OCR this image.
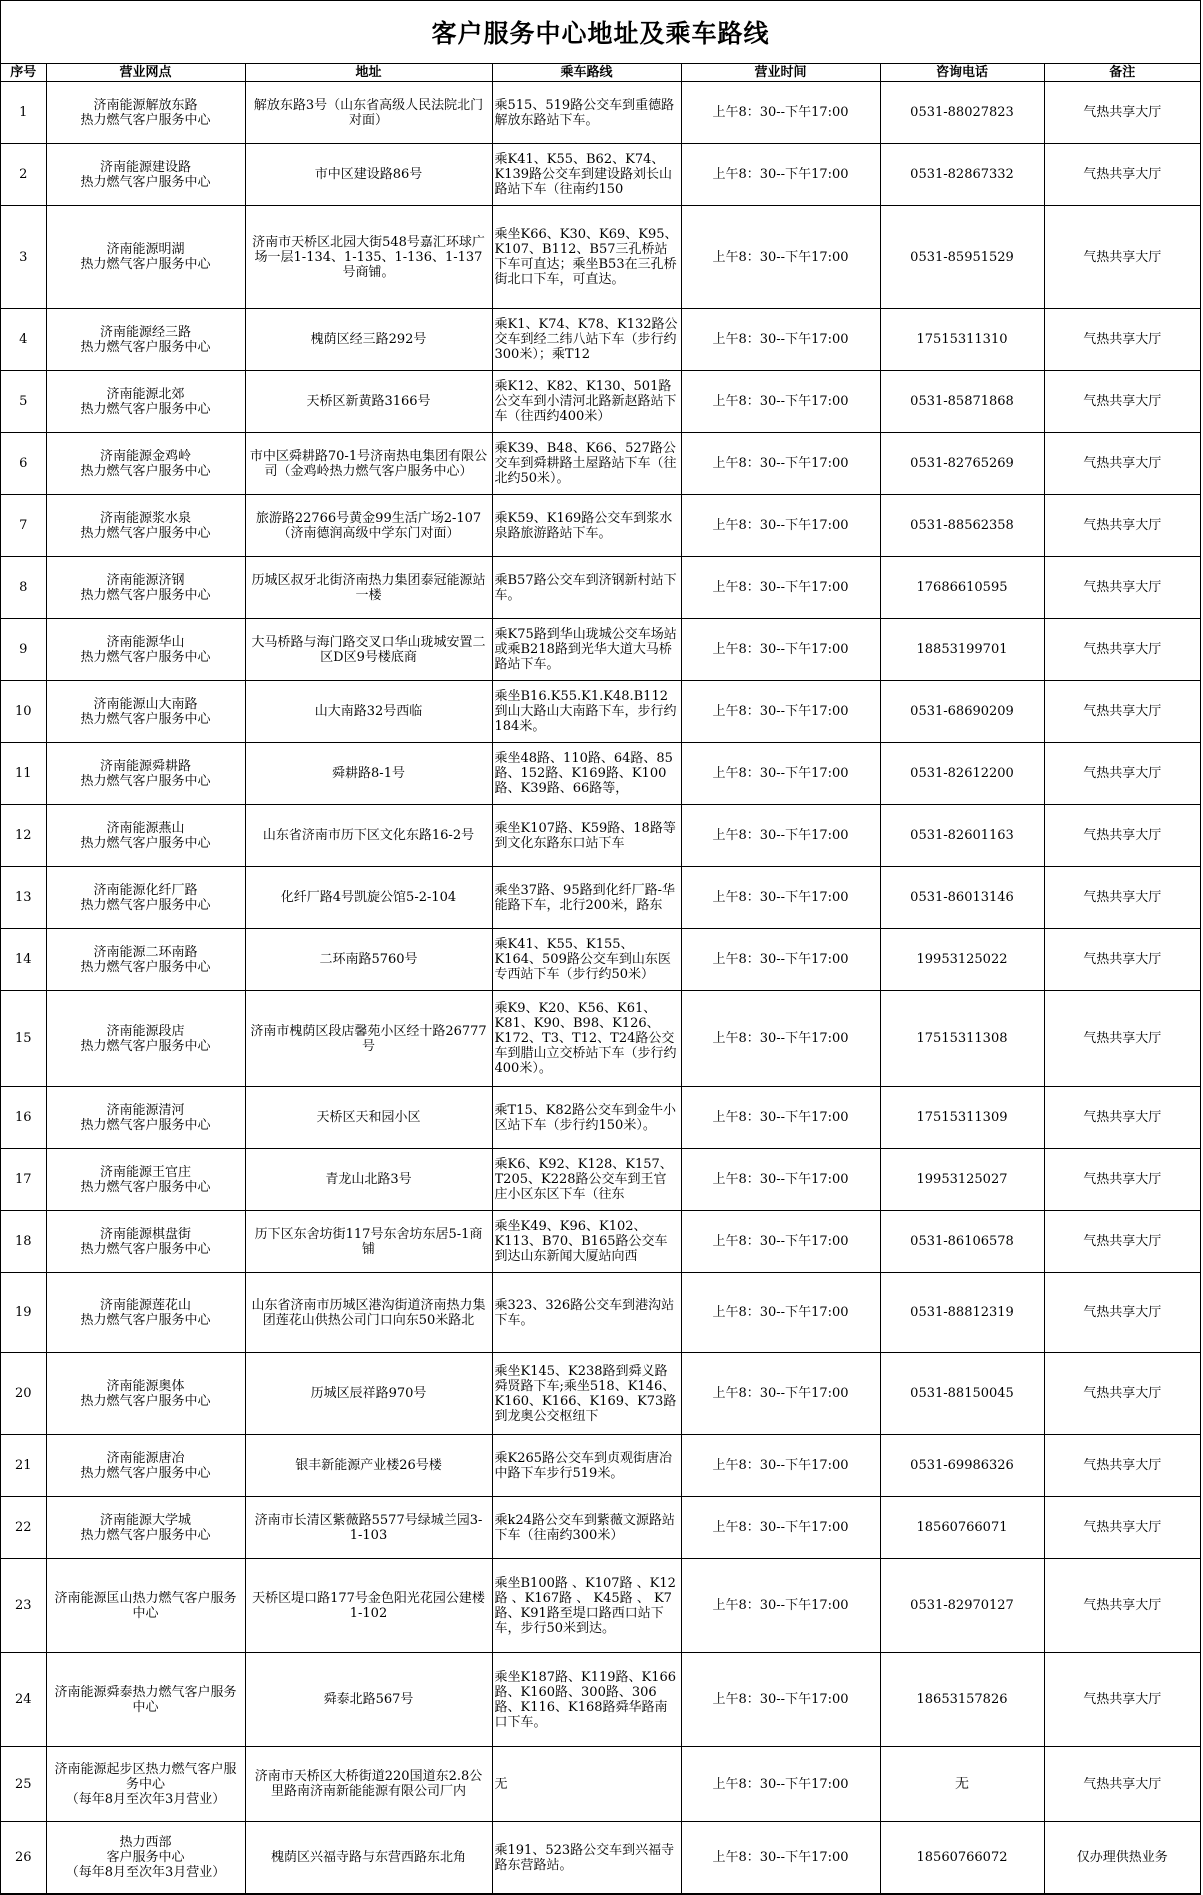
客户服务中心地址及乘车路线
序号	营业网点	地址	乘车路线	营业时间	咨询电话	备注

1	济南能源解放东路
热力燃气客户服务中心	解放东路3号（山东省高级人民法院北门对面）	乘515、519路公交车到重德路解放东路站下车。	上午8：30--下午17:00	0531-88027823	气热共享大厅

2	济南能源建设路
热力燃气客户服务中心	市中区建设路86号	乘K41、K55、B62、K74、K139路公交车到建设路刘长山路站下车（往南约150	上午8：30--下午17:00	0531-82867332	气热共享大厅

3	济南能源明湖
热力燃气客户服务中心	济南市天桥区北园大街548号嘉汇环球广场一层1-134、1-135、1-136、1-137号商铺。	乘坐K66、K30、K69、K95、K107、B112、B57三孔桥站下车可直达；乘坐B53在三孔桥街北口下车，可直达。	上午8：30--下午17:00	0531-85951529	气热共享大厅

4	济南能源经三路
热力燃气客户服务中心	槐荫区经三路292号	乘K1、K74、K78、K132路公交车到经二纬八站下车（步行约300米）；乘T12	上午8：30--下午17:00	17515311310	气热共享大厅

5	济南能源北郊
热力燃气客户服务中心	天桥区新黄路3166号	乘K12、K82、K130、501路公交车到小清河北路新赵路站下车（往西约400米）	上午8：30--下午17:00	0531-85871868	气热共享大厅

6	济南能源金鸡岭
热力燃气客户服务中心	市中区舜耕路70-1号济南热电集团有限公司（金鸡岭热力燃气客户服务中心）	乘K39、B48、K66、527路公交车到舜耕路土屋路站下车（往北约50米）。	上午8：30--下午17:00	0531-82765269	气热共享大厅

7	济南能源浆水泉
热力燃气客户服务中心	旅游路22766号黄金99生活广场2-107（济南德润高级中学东门对面）	乘K59、K169路公交车到浆水泉路旅游路站下车。	上午8：30--下午17:00	0531-88562358	气热共享大厅

8	济南能源济钢
热力燃气客户服务中心	历城区叔牙北街济南热力集团泰冠能源站一楼	乘B57路公交车到济钢新村站下车。	上午8：30--下午17:00	17686610595	气热共享大厅

9	济南能源华山
热力燃气客户服务中心	大马桥路与海门路交叉口华山珑城安置二区D区9号楼底商	乘K75路到华山珑城公交车场站或乘B218路到光华大道大马桥路站下车。	上午8：30--下午17:00	18853199701	气热共享大厅

10	济南能源山大南路
热力燃气客户服务中心	山大南路32号西临	乘坐B16.K55.K1.K48.B112到山大路山大南路下车，步行约184米。	上午8：30--下午17:00	0531-68690209	气热共享大厅

11	济南能源舜耕路
热力燃气客户服务中心	舜耕路8-1号	乘坐48路、110路、64路、85路、152路、K169路、K100路、K39路、66路等，	上午8：30--下午17:00	0531-82612200	气热共享大厅

12	济南能源燕山
热力燃气客户服务中心	山东省济南市历下区文化东路16-2号	乘坐K107路、K59路、18路等到文化东路东口站下车	上午8：30--下午17:00	0531-82601163	气热共享大厅

13	济南能源化纤厂路
热力燃气客户服务中心	化纤厂路4号凯旋公馆5-2-104	乘坐37路、95路到化纤厂路-华能路下车，北行200米，路东	上午8：30--下午17:00	0531-86013146	气热共享大厅

14	济南能源二环南路
热力燃气客户服务中心	二环南路5760号	乘K41、K55、K155、K164、509路公交车到山东医专西站下车（步行约50米）	上午8：30--下午17:00	19953125022	气热共享大厅

15	济南能源段店
热力燃气客户服务中心	济南市槐荫区段店馨苑小区经十路26777号	乘K9、K20、K56、K61、K81、K90、B98、K126、K172、T3、T12、T24路公交车到腊山立交桥站下车（步行约400米）。	上午8：30--下午17:00	17515311308	气热共享大厅

16	济南能源清河
热力燃气客户服务中心	天桥区天和园小区	乘T15、K82路公交车到金牛小区站下车（步行约150米）。	上午8：30--下午17:00	17515311309	气热共享大厅

17	济南能源王官庄
热力燃气客户服务中心	青龙山北路3号	乘K6、K92、K128、K157、T205、K228路公交车到王官庄小区东区下车（往东	上午8：30--下午17:00	19953125027	气热共享大厅

18	济南能源棋盘街
热力燃气客户服务中心	历下区东舍坊街117号东舍坊东居5-1商铺	乘坐K49、K96、K102、K113、B70、B165路公交车到达山东新闻大厦站向西	上午8：30--下午17:00	0531-86106578	气热共享大厅

19	济南能源莲花山
热力燃气客户服务中心	山东省济南市历城区港沟街道济南热力集团莲花山供热公司门口向东50米路北	乘323、326路公交车到港沟站下车。	上午8：30--下午17:00	0531-88812319	气热共享大厅

20	济南能源奥体
热力燃气客户服务中心	历城区辰祥路970号	乘坐K145、K238路到舜义路舜贤路下车;乘坐518、K146、K160、K166、K169、K73路到龙奥公交枢纽下	上午8：30--下午17:00	0531-88150045	气热共享大厅

21	济南能源唐冶
热力燃气客户服务中心	银丰新能源产业楼26号楼	乘K265路公交车到贞观街唐冶中路下车步行519米。	上午8：30--下午17:00	0531-69986326	气热共享大厅

22	济南能源大学城
热力燃气客户服务中心	济南市长清区紫薇路5577号绿城兰园3-1-103	乘k24路公交车到紫薇文源路站下车（往南约300米）	上午8：30--下午17:00	18560766071	气热共享大厅

23	济南能源匡山热力燃气客户服务中心	天桥区堤口路177号金色阳光花园公建楼1-102	乘坐B100路 、K107路 、K12路 、K167路 、 K45路 、 K7路、K91路至堤口路西口站下车，步行50米到达。	上午8：30--下午17:00	0531-82970127	气热共享大厅

24	济南能源舜泰热力燃气客户服务中心	舜泰北路567号	乘坐K187路、K119路、K166路、K160路、300路、306路、K116、K168路舜华路南口下车。	上午8：30--下午17:00	18653157826	气热共享大厅

25	济南能源起步区热力燃气客户服务中心
（每年8月至次年3月营业）	济南市天桥区大桥街道220国道东2.8公里路南济南新能能源有限公司厂内	无	上午8：30--下午17:00	无	气热共享大厅

26	热力西部
客户服务中心
（每年8月至次年3月营业）	槐荫区兴福寺路与东营西路东北角	乘191、523路公交车到兴福寺路东营路站。	上午8：30--下午17:00	18560766072	仅办理供热业务
